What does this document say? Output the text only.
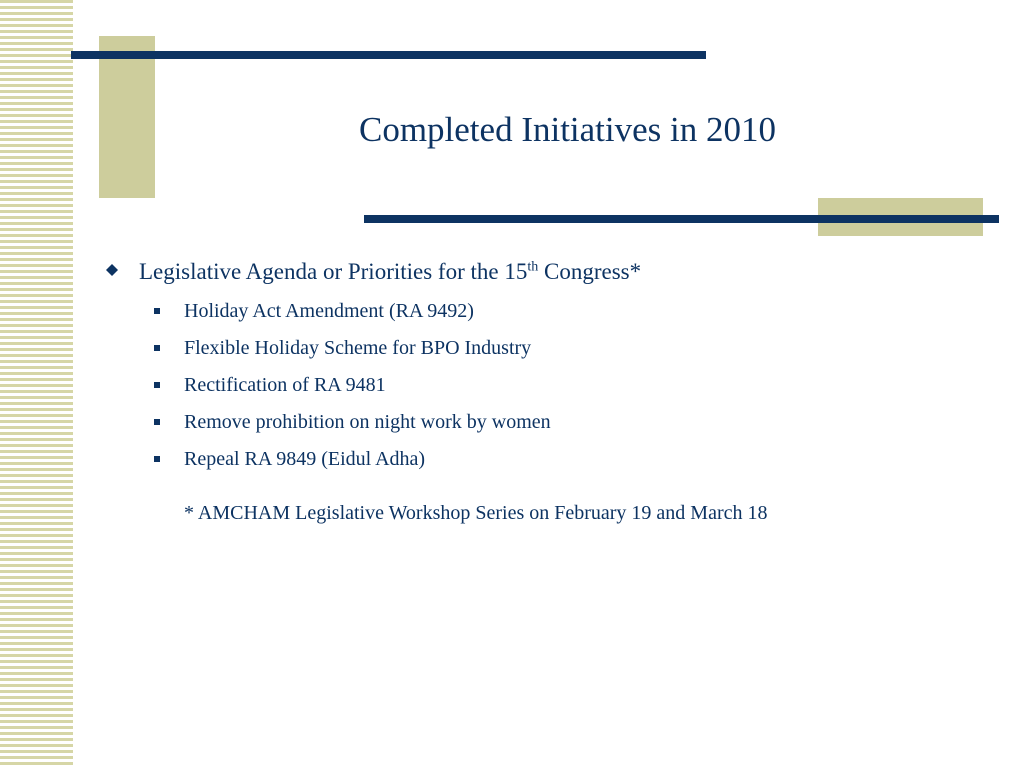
Completed Initiatives in 2010
Legislative Agenda or Priorities for the 15th Congress*
Holiday Act Amendment (RA 9492)
Flexible Holiday Scheme for BPO Industry
Rectification of RA 9481
Remove prohibition on night work by women
Repeal RA 9849 (Eidul Adha)
* AMCHAM Legislative Workshop Series on February 19 and March 18
